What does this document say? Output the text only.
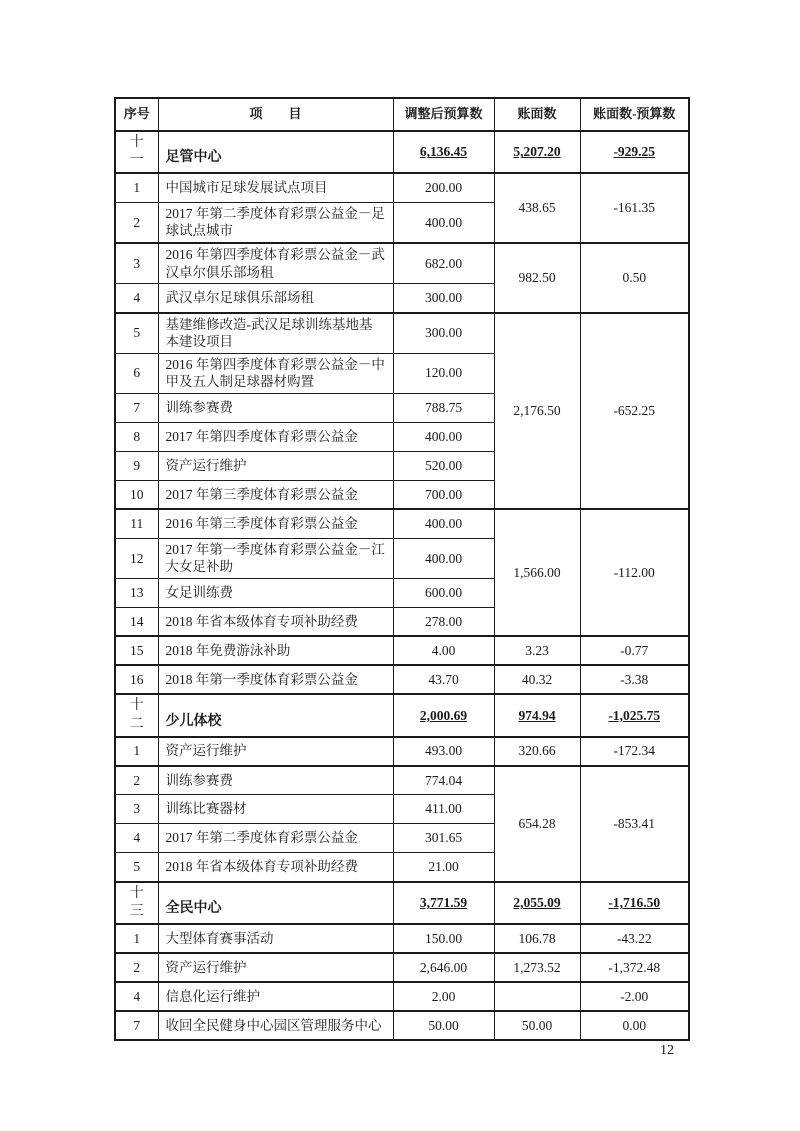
序号	项　　目	调整后预算数	账面数	账面数-预算数
十一	足管中心	6,136.45	5,207.20	-929.25
1	中国城市足球发展试点项目	200.00	438.65	-161.35
2	2017 年第二季度体育彩票公益金－足球试点城市	400.00		
3	2016 年第四季度体育彩票公益金－武汉卓尔俱乐部场租	682.00	982.50	0.50
4	武汉卓尔足球俱乐部场租	300.00		
5	基建维修改造-武汉足球训练基地基本建设项目	300.00	2,176.50	-652.25
6	2016 年第四季度体育彩票公益金－中甲及五人制足球器材购置	120.00		
7	训练参赛费	788.75		
8	2017 年第四季度体育彩票公益金	400.00		
9	资产运行维护	520.00		
10	2017 年第三季度体育彩票公益金	700.00		
11	2016 年第三季度体育彩票公益金	400.00	1,566.00	-112.00
12	2017 年第一季度体育彩票公益金－江大女足补助	400.00		
13	女足训练费	600.00		
14	2018 年省本级体育专项补助经费	278.00		
15	2018 年免费游泳补助	4.00	3.23	-0.77
16	2018 年第一季度体育彩票公益金	43.70	40.32	-3.38
十二	少儿体校	2,000.69	974.94	-1,025.75
1	资产运行维护	493.00	320.66	-172.34
2	训练参赛费	774.04	654.28	-853.41
3	训练比赛器材	411.00		
4	2017 年第二季度体育彩票公益金	301.65		
5	2018 年省本级体育专项补助经费	21.00		
十三	全民中心	3,771.59	2,055.09	-1,716.50
1	大型体育赛事活动	150.00	106.78	-43.22
2	资产运行维护	2,646.00	1,273.52	-1,372.48
4	信息化运行维护	2.00		-2.00
7	收回全民健身中心园区管理服务中心	50.00	50.00	0.00
12
